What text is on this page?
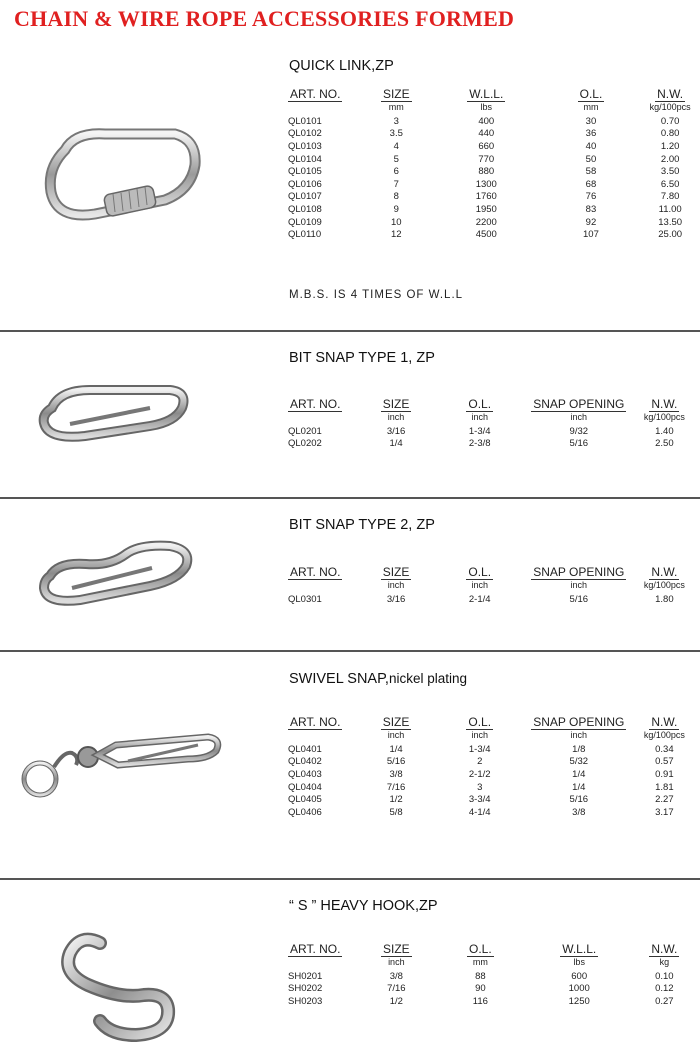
CHAIN & WIRE ROPE ACCESSORIES FORMED
QUICK LINK,ZP
ART. NO.	SIZE	W.L.L.	O.L.	N.W.
	mm	lbs	mm	kg/100pcs
QL0101	3	400	30	0.70
QL0102	3.5	440	36	0.80
QL0103	4	660	40	1.20
QL0104	5	770	50	2.00
QL0105	6	880	58	3.50
QL0106	7	1300	68	6.50
QL0107	8	1760	76	7.80
QL0108	9	1950	83	11.00
QL0109	10	2200	92	13.50
QL0110	12	4500	107	25.00
M.B.S. IS 4 TIMES OF W.L.L
BIT SNAP TYPE 1, ZP
ART. NO.	SIZE	O.L.	SNAP OPENING	N.W.
	inch	inch	inch	kg/100pcs
QL0201	3/16	1-3/4	9/32	1.40
QL0202	1/4	2-3/8	5/16	2.50
BIT SNAP TYPE 2, ZP
ART. NO.	SIZE	O.L.	SNAP OPENING	N.W.
	inch	inch	inch	kg/100pcs
QL0301	3/16	2-1/4	5/16	1.80
SWIVEL SNAP,nickel plating
ART. NO.	SIZE	O.L.	SNAP OPENING	N.W.
	inch	inch	inch	kg/100pcs
QL0401	1/4	1-3/4	1/8	0.34
QL0402	5/16	2	5/32	0.57
QL0403	3/8	2-1/2	1/4	0.91
QL0404	7/16	3	1/4	1.81
QL0405	1/2	3-3/4	5/16	2.27
QL0406	5/8	4-1/4	3/8	3.17
“ S ” HEAVY HOOK,ZP
ART. NO.	SIZE	O.L.	W.L.L.	N.W.
	inch	mm	lbs	kg
SH0201	3/8	88	600	0.10
SH0202	7/16	90	1000	0.12
SH0203	1/2	116	1250	0.27
